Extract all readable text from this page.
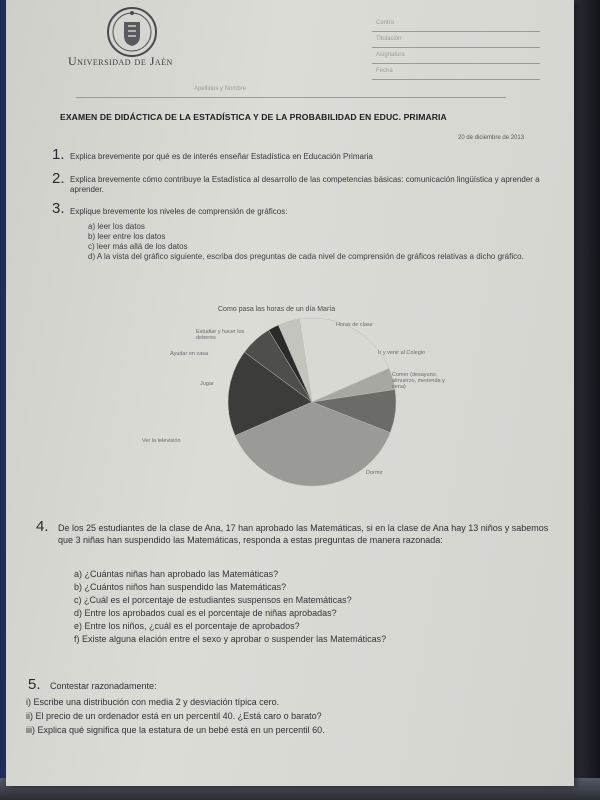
Universidad de Jaén
Centro
Titulación
Asignatura
Fecha
Apellidos y Nombre
EXAMEN DE DIDÁCTICA DE LA ESTADÍSTICA Y DE LA PROBABILIDAD EN EDUC. PRIMARIA
20 de diciembre de 2013
1. Explica brevemente por qué es de interés enseñar Estadística en Educación Primaria
2. Explica brevemente cómo contribuye la Estadística al desarrollo de las competencias básicas: comunicación lingüística y aprender a aprender.
3. Explique brevemente los niveles de comprensión de gráficos:
a) leer los datos
b) leer entre los datos
c) leer más allá de los datos
d) A la vista del gráfico siguiente, escriba dos preguntas de cada nivel de comprensión de gráficos relativas a dicho gráfico.
Como pasa las horas de un día María
Horas de clase
Ir y venir al Colegio
Comer (desayuno, almuerzo, merienda y cena)
Dormir
Ver la televisión
Jugar
Ayudar en casa
Estudiar y hacer los deberes
4. De los 25 estudiantes de la clase de Ana, 17 han aprobado las Matemáticas, si en la clase de Ana hay 13 niños y sabemos que 3 niñas han suspendido las Matemáticas, responda a estas preguntas de manera razonada:
a) ¿Cuántas niñas han aprobado las Matemáticas?
b) ¿Cuántos niños han suspendido las Matemáticas?
c) ¿Cuál es el porcentaje de estudiantes suspensos en Matemáticas?
d) Entre los aprobados cual es el porcentaje de niñas aprobadas?
e) Entre los niños, ¿cuál es el porcentaje de aprobados?
f) Existe alguna elación entre el sexo y aprobar o suspender las Matemáticas?
5. Contestar razonadamente:
i) Escribe una distribución con media 2 y desviación típica cero.
ii) El precio de un ordenador está en un percentil 40. ¿Está caro o barato?
iii) Explica qué significa que la estatura de un bebé está en un percentil 60.
